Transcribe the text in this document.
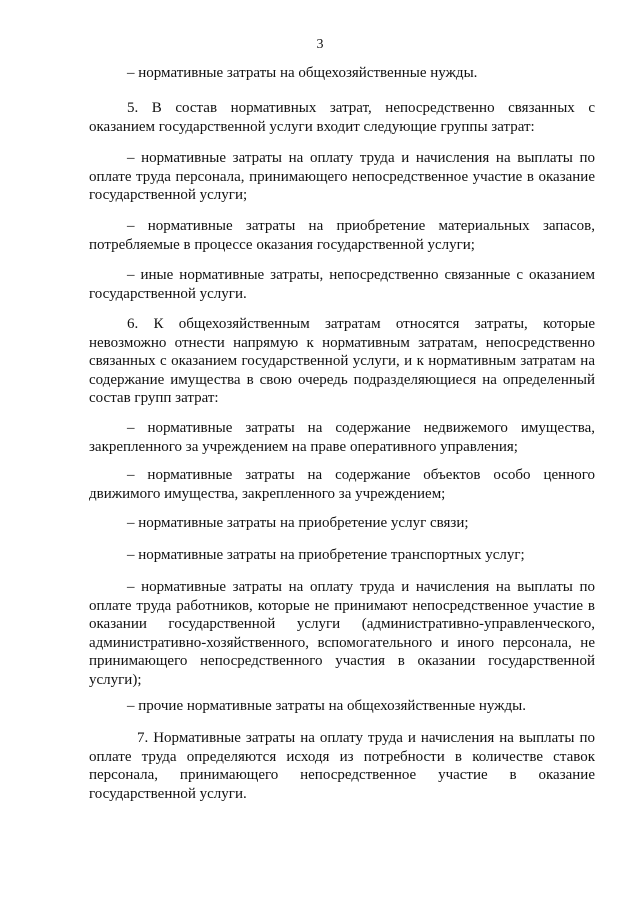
3

– нормативные затраты на общехозяйственные нужды.

5. В состав нормативных затрат, непосредственно связанных с оказанием государственной услуги входит следующие группы затрат:

– нормативные затраты на оплату труда и начисления на выплаты по оплате труда персонала, принимающего непосредственное участие в оказание государственной услуги;

– нормативные затраты на приобретение материальных запасов, потребляемые в процессе оказания государственной услуги;

– иные нормативные затраты, непосредственно связанные с оказанием государственной услуги.

6. К общехозяйственным затратам относятся затраты, которые невозможно отнести напрямую к нормативным затратам, непосредственно связанных с оказанием государственной услуги, и к нормативным затратам на содержание имущества в свою очередь подразделяющиеся на определенный состав групп затрат:

– нормативные затраты на содержание недвижемого имущества, закрепленного за учреждением на праве оперативного управления;

– нормативные затраты на содержание объектов особо ценного движимого имущества, закрепленного за учреждением;

– нормативные затраты на приобретение услуг связи;

– нормативные затраты на приобретение транспортных услуг;

– нормативные затраты на оплату труда и начисления на выплаты по оплате труда работников, которые не принимают непосредственное участие в оказании государственной услуги (административно-управленческого, административно-хозяйственного, вспомогательного и иного персонала, не принимающего непосредственного участия в оказании государственной услуги);

– прочие нормативные затраты на общехозяйственные нужды.

7. Нормативные затраты на оплату труда и начисления на выплаты по оплате труда определяются исходя из потребности в количестве ставок персонала, принимающего непосредственное участие в оказание государственной услуги.
